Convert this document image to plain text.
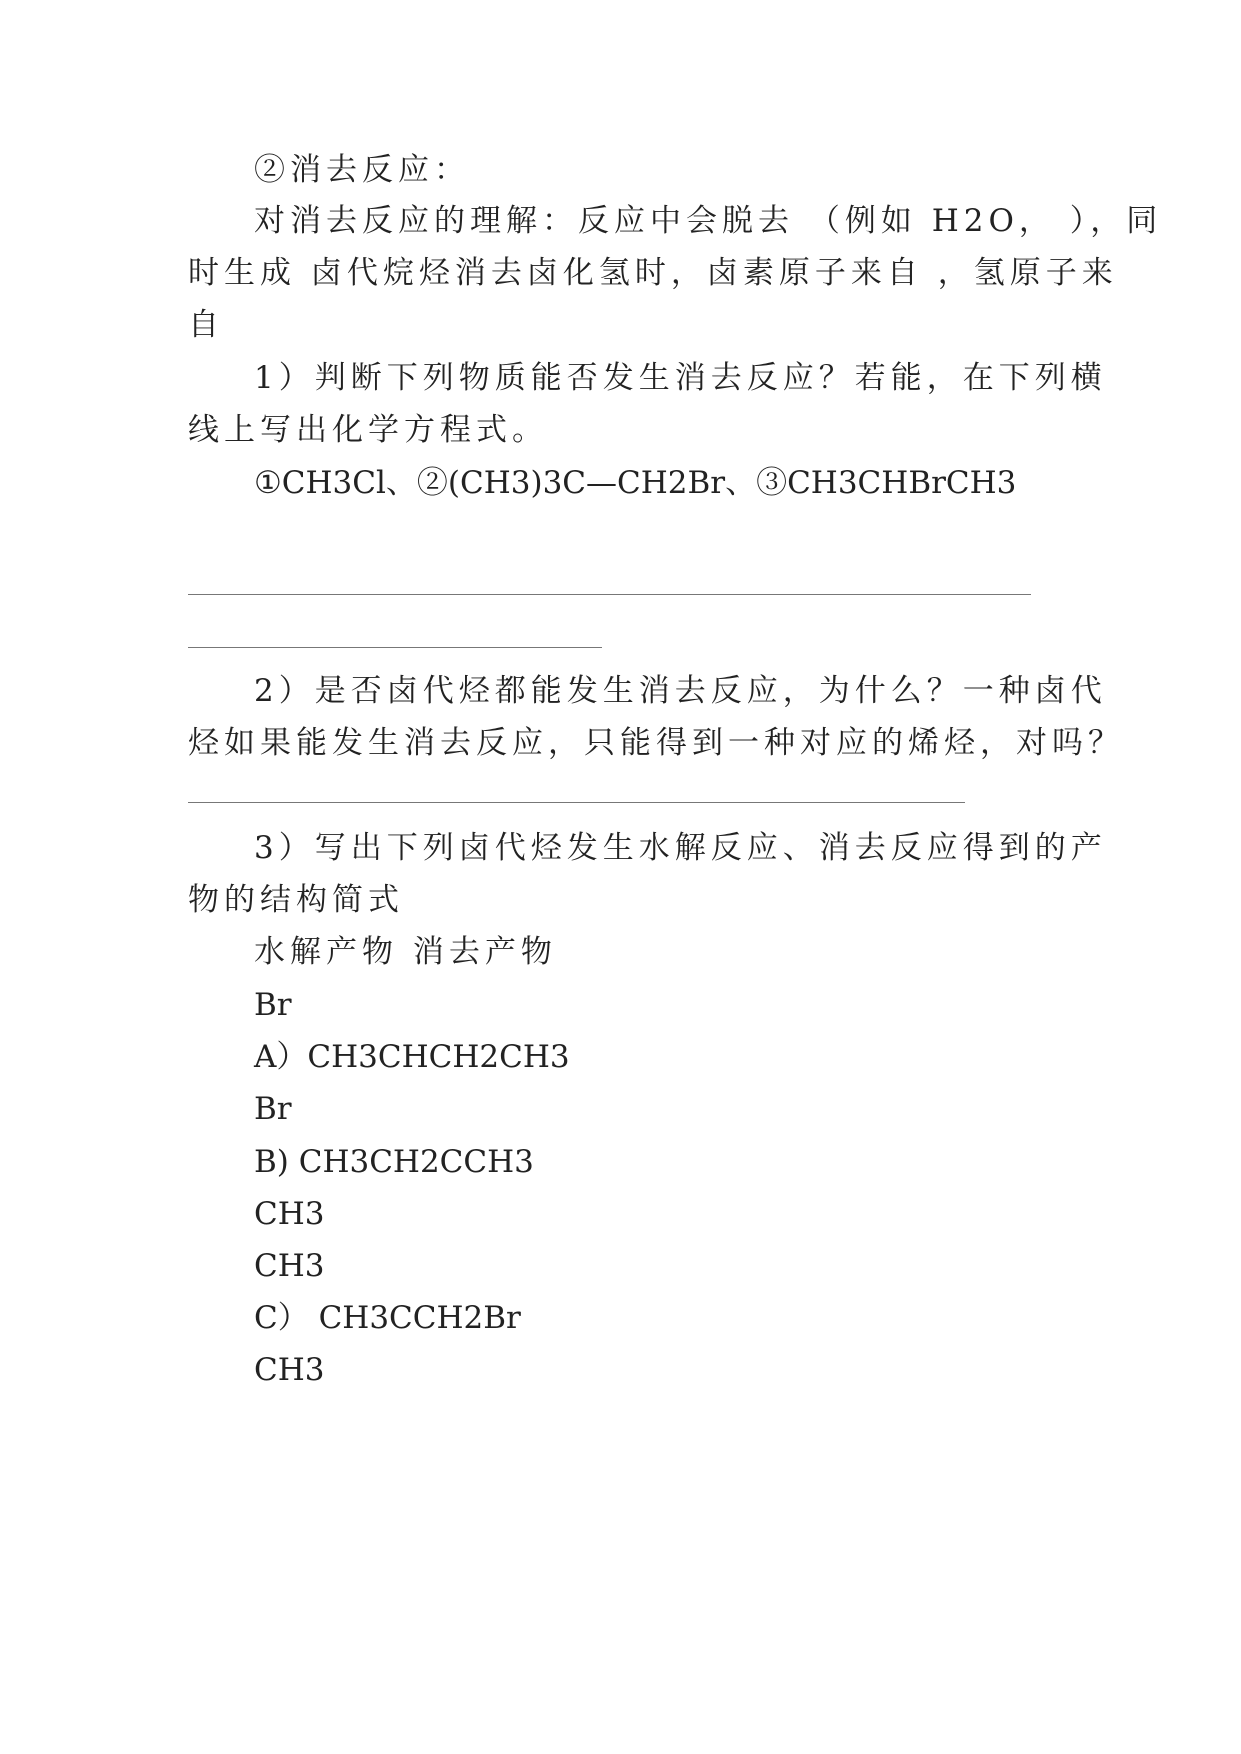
②消去反应：
对消去反应的理解：反应中会脱去 （例如 H2O， ），同
时生成 卤代烷烃消去卤化氢时，卤素原子来自 ，氢原子来
自
1）判断下列物质能否发生消去反应？若能，在下列横
线上写出化学方程式。
①CH3Cl、②(CH3)3C—CH2Br、③CH3CHBrCH3
2）是否卤代烃都能发生消去反应，为什么？一种卤代
烃如果能发生消去反应，只能得到一种对应的烯烃，对吗？
3）写出下列卤代烃发生水解反应、消去反应得到的产
物的结构简式
水解产物 消去产物
Br
A）CH3CHCH2CH3
Br
B) CH3CH2CCH3
CH3
CH3
C） CH3CCH2Br
CH3
